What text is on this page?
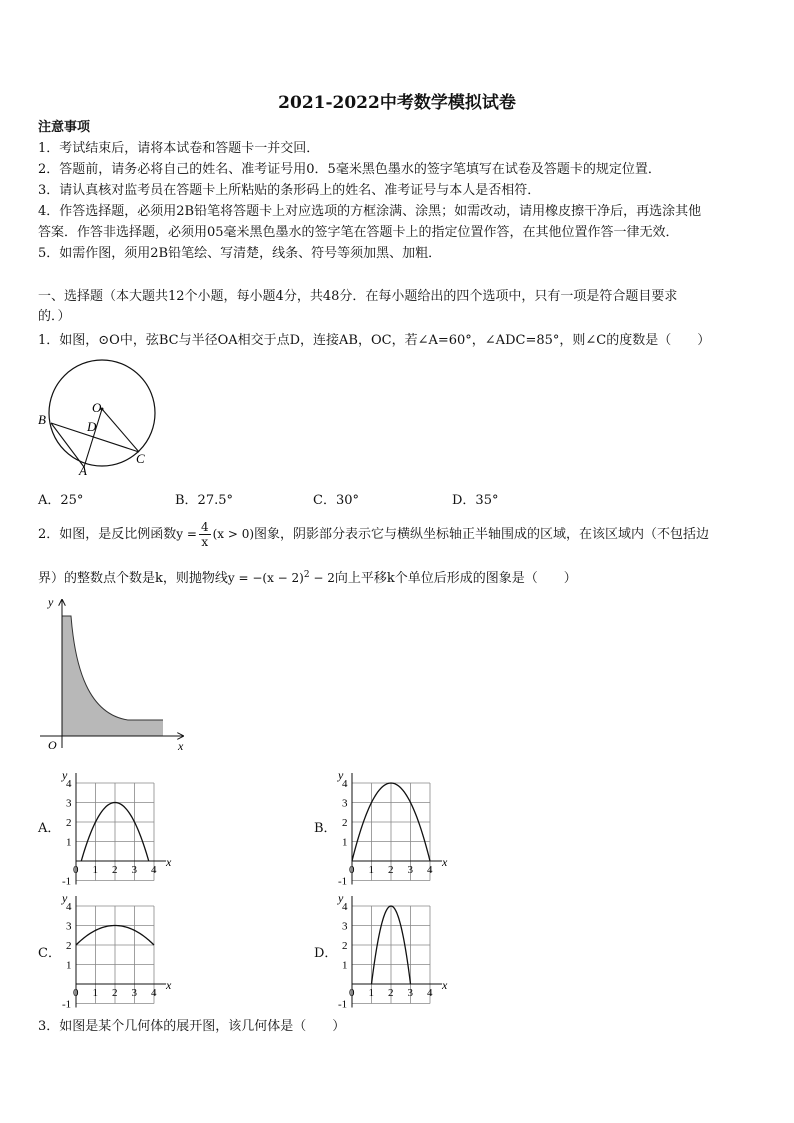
2021-2022中考数学模拟试卷
注意事项
1．考试结束后，请将本试卷和答题卡一并交回．
2．答题前，请务必将自己的姓名、准考证号用0．5毫米黑色墨水的签字笔填写在试卷及答题卡的规定位置．
3．请认真核对监考员在答题卡上所粘贴的条形码上的姓名、准考证号与本人是否相符．
4．作答选择题，必须用2B铅笔将答题卡上对应选项的方框涂满、涂黑；如需改动，请用橡皮擦干净后，再选涂其他
答案．作答非选择题，必须用05毫米黑色墨水的签字笔在答题卡上的指定位置作答，在其他位置作答一律无效．
5．如需作图，须用2B铅笔绘、写清楚，线条、符号等须加黑、加粗．
一、选择题（本大题共12个小题，每小题4分，共48分．在每小题给出的四个选项中，只有一项是符合题目要求
的．）
1．如图，⊙O中，弦BC与半径OA相交于点D，连接AB，OC，若∠A=60°，∠ADC=85°，则∠C的度数是（　　）
O
B	D
A
C
A．25°	B．27.5°	C．30°	D．35°
2．如图，是反比例函数$y = \frac{4}{x} (x > 0)$图象，阴影部分表示它与横纵坐标轴正半轴围成的区域，在该区域内（不包括边
界）的整数点个数是k，则抛物线$y = -(x - 2)^2 - 2$向上平移k个单位后形成的图象是（　　）
y
x
O
A．
0 1 2 3 4
-1
1
2
3
4
x
y
B．
0 1 2 3 4
-1
1
2
3
4
x
y
C．
0 1 2 3 4
-1
1
2
3
4
x
y
D．
0 1 2 3 4
-1
1
2
3
4
x
y
3．如图是某个几何体的展开图，该几何体是（　　）
